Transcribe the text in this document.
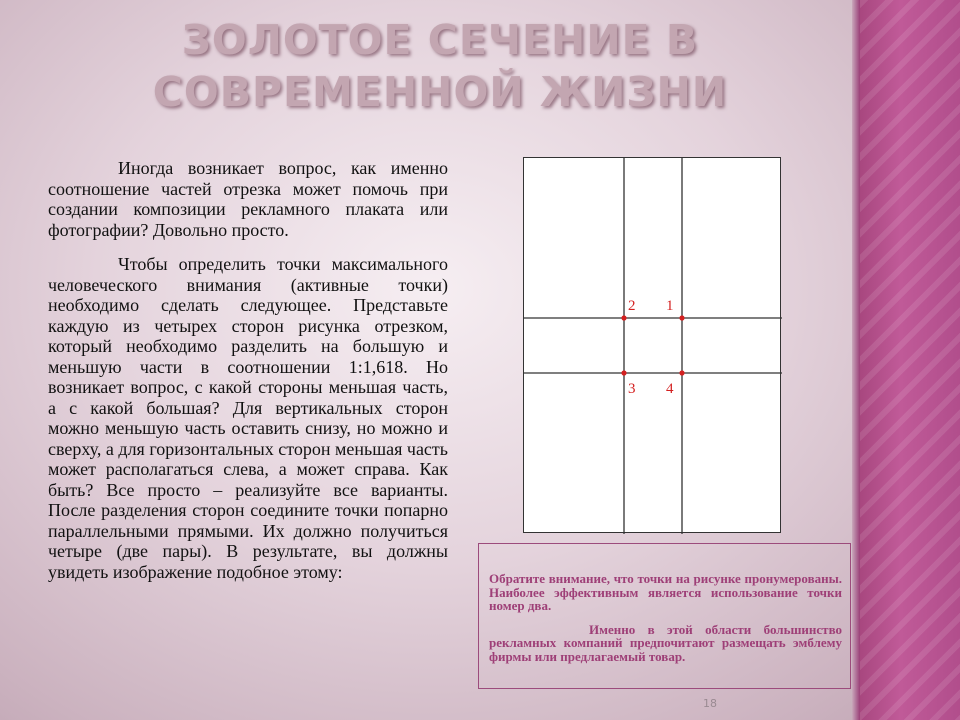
ЗОЛОТОЕ СЕЧЕНИЕ В СОВРЕМЕННОЙ ЖИЗНИ

Иногда возникает вопрос, как именно соотношение частей отрезка может помочь при создании композиции рекламного плаката или фотографии? Довольно просто.

Чтобы определить точки максимального человеческого внимания (активные точки) необходимо сделать следующее. Представьте каждую из четырех сторон рисунка отрезком, который необходимо разделить на большую и меньшую части в соотношении 1:1,618. Но возникает вопрос, с какой стороны меньшая часть, а с какой большая? Для вертикальных сторон можно меньшую часть оставить снизу, но можно и сверху, а для горизонтальных сторон меньшая часть может располагаться слева, а может справа. Как быть? Все просто – реализуйте все варианты. После разделения сторон соедините точки попарно параллельными прямыми. Их должно получиться четыре (две пары). В результате, вы должны увидеть изображение подобное этому:

2 1
3 4

Обратите внимание, что точки на рисунке пронумерованы. Наиболее эффективным является использование точки номер два.

Именно в этой области большинство рекламных компаний предпочитают размещать эмблему фирмы или предлагаемый товар.

18
